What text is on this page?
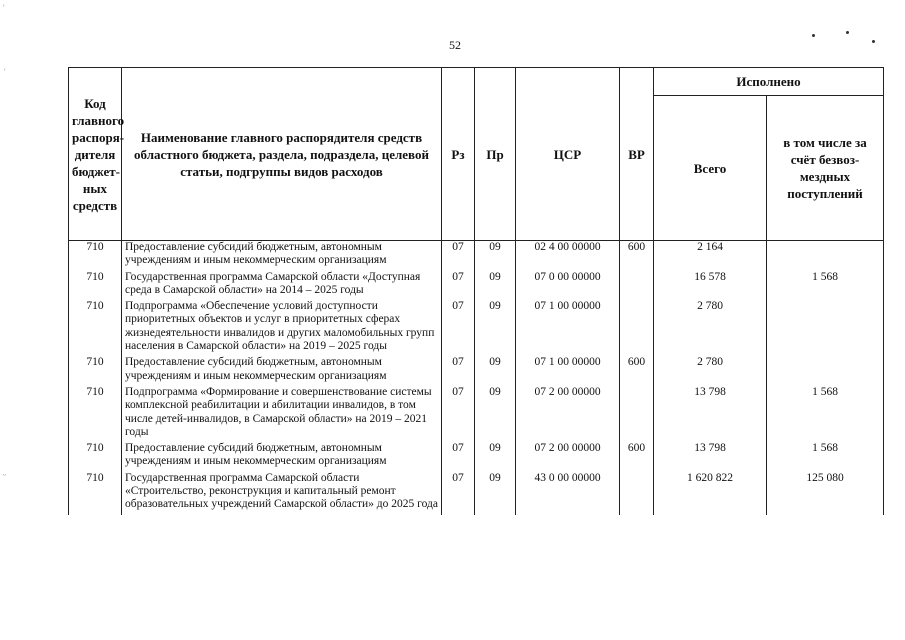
52
ʿ
ʾ
ᵕ
Код главного распоря-дителя бюджет-ных средств	Наименование главного распорядителя средств областного бюджета, раздела, подраздела, целевой статьи, подгруппы видов расходов	Рз	Пр	ЦСР	ВР	Исполнено	
						Всего	в том числе за счёт безвоз-мездных поступлений
710	Предоставление субсидий бюджетным, автономным учреждениям и иным некоммерческим организациям	07	09	02 4 00 00000	600	2 164	
710	Государственная программа Самарской области «Доступная среда в Самарской области» на 2014 – 2025 годы	07	09	07 0 00 00000		16 578	1 568
710	Подпрограмма «Обеспечение условий доступности приоритетных объектов и услуг в приоритетных сферах жизнедеятельности инвалидов и других маломобильных групп населения в Самарской области» на 2019 – 2025 годы	07	09	07 1 00 00000		2 780	
710	Предоставление субсидий бюджетным, автономным учреждениям и иным некоммерческим организациям	07	09	07 1 00 00000	600	2 780	
710	Подпрограмма «Формирование и совершенствование системы комплексной реабилитации и абилитации инвалидов, в том числе детей-инвалидов, в Самарской области» на 2019 – 2021 годы	07	09	07 2 00 00000		13 798	1 568
710	Предоставление субсидий бюджетным, автономным учреждениям и иным некоммерческим организациям	07	09	07 2 00 00000	600	13 798	1 568
710	Государственная программа Самарской области «Строительство, реконструкция и капитальный ремонт образовательных учреждений Самарской области» до 2025 года	07	09	43 0 00 00000		1 620 822	125 080
